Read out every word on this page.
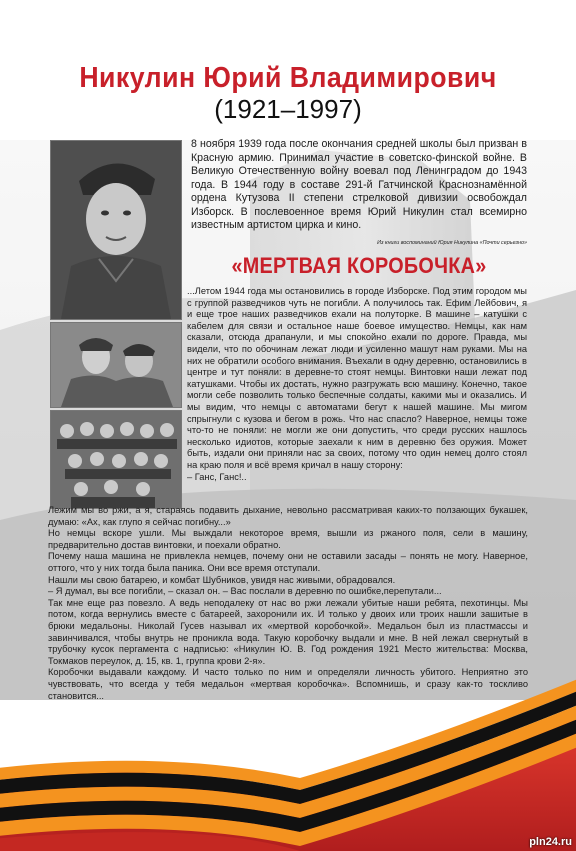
Никулин Юрий Владимирович
(1921–1997)
8 ноября 1939 года после окончания средней школы был призван в Красную армию. Принимал участие в советско-финской войне. В Великую Отечественную войну воевал под Ленинградом до 1943 года. В 1944 году в составе 291-й Гатчинской Краснознамённой ордена Кутузова II степени стрелковой дивизии освобождал Изборск. В послевоенное время Юрий Никулин стал всемирно известным артистом цирка и кино.
Из книги воспоминаний Юрия Никулина «Почти серьезно»
«МЕРТВАЯ КОРОБОЧКА»

...Летом 1944 года мы остановились в городе Изборске. Под этим городом мы с группой разведчиков чуть не погибли. А получилось так. Ефим Лейбович, я и еще трое наших разведчиков ехали на полуторке. В машине – катушки с кабелем для связи и остальное наше боевое имущество. Немцы, как нам сказали, отсюда драпанули, и мы спокойно ехали по дороге. Правда, мы видели, что по обочинам лежат люди и усиленно машут нам руками. Мы на них не обратили особого внимания. Въехали в одну деревню, остановились в центре и тут поняли: в деревне-то стоят немцы. Винтовки наши лежат под катушками. Чтобы их достать, нужно разгружать всю машину. Конечно, такое могли себе позволить только беспечные солдаты, какими мы и оказались. И мы видим, что немцы с автоматами бегут к нашей машине. Мы мигом спрыгнули с кузова и бегом в рожь. Что нас спасло? Наверное, немцы тоже что-то не поняли: не могли же они допустить, что среди русских нашлось несколько идиотов, которые заехали к ним в деревню без оружия. Может быть, издали они приняли нас за своих, потому что один немец долго стоял на краю поля и всё время кричал в нашу сторону:

– Ганс, Ганс!..

Лежим мы во ржи, а я, стараясь подавить дыхание, невольно рассматривая каких-то ползающих букашек, думаю: «Ах, как глупо я сейчас погибну...»

Но немцы вскоре ушли. Мы выждали некоторое время, вышли из ржаного поля, сели в машину, предварительно достав винтовки, и поехали обратно.

Почему наша машина не привлекла немцев, почему они не оставили засады – понять не могу. Наверное, оттого, что у них тогда была паника. Они все время отступали.

Нашли мы свою батарею, и комбат Шубников, увидя нас живыми, обрадовался.

– Я думал, вы все погибли, – сказал он. – Вас послали в деревню по ошибке,перепутали...

Так мне еще раз повезло. А ведь неподалеку от нас во ржи лежали убитые наши ребята, пехотинцы. Мы потом, когда вернулись вместе с батареей, захоронили их. И только у двоих или троих нашли зашитые в брюки медальоны. Николай Гусев называл их «мертвой коробочкой». Медальон был из пластмассы и завинчивался, чтобы внутрь не проникла вода. Такую коробочку выдали и мне. В ней лежал свернутый в трубочку кусок пергамента с надписью: «Никулин Ю. В. Год рождения 1921 Место жительства: Москва, Токмаков переулок, д. 15, кв. 1, группа крови 2-я».

Коробочки выдавали каждому. И часто только по ним и определяли личность убитого. Неприятно это чувствовать, что всегда у тебя медальон «мертвая коробочка». Вспомнишь, и сразу как-то тоскливо становится...

pln24.ru
